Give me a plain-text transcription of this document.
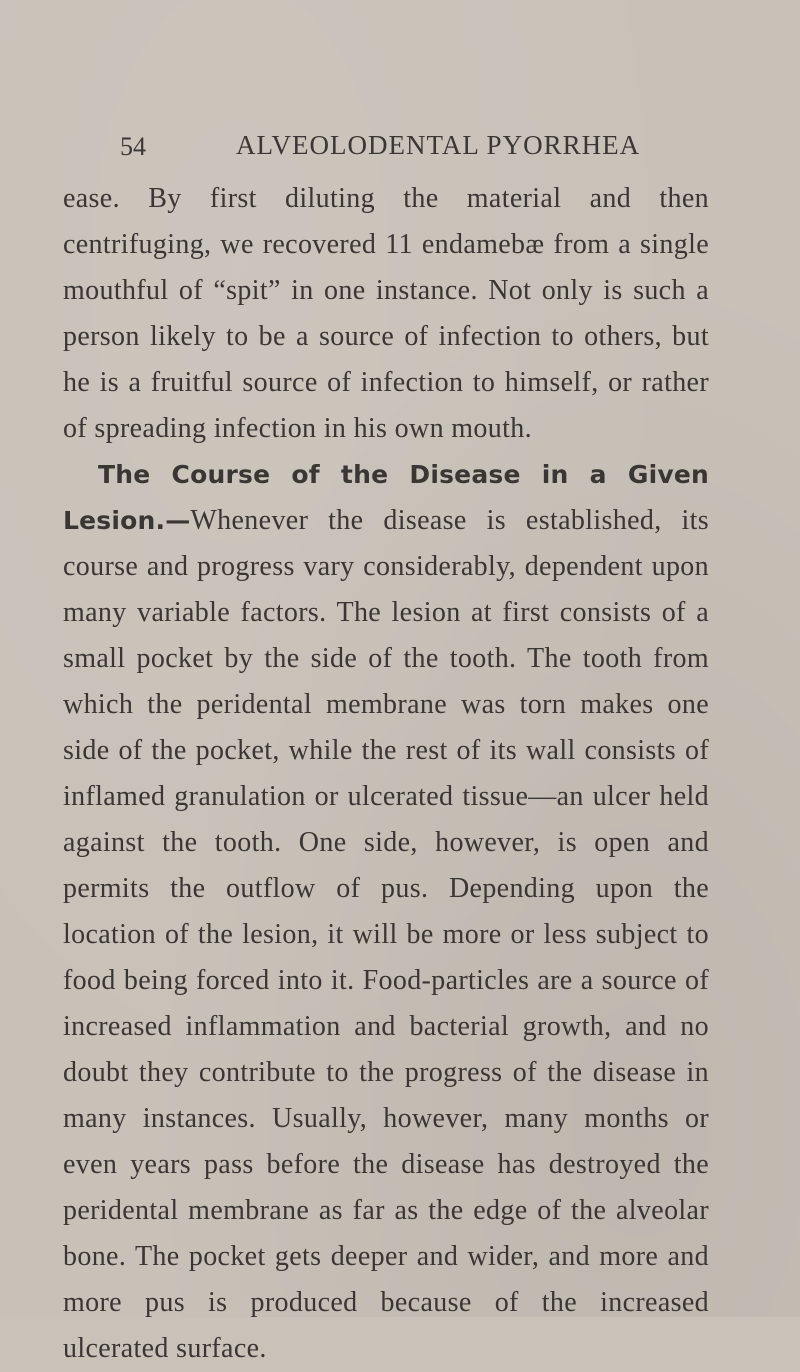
54	ALVEOLODENTAL PYORRHEA

ease. By first diluting the material and then centrifuging, we recovered 11 endamebæ from a single mouthful of “spit” in one instance. Not only is such a person likely to be a source of infection to others, but he is a fruitful source of infection to himself, or rather of spreading infection in his own mouth.

The Course of the Disease in a Given Lesion.—Whenever the disease is established, its course and progress vary considerably, dependent upon many variable factors. The lesion at first consists of a small pocket by the side of the tooth. The tooth from which the peridental membrane was torn makes one side of the pocket, while the rest of its wall consists of inflamed granulation or ulcerated tissue—an ulcer held against the tooth. One side, however, is open and permits the outflow of pus. Depending upon the location of the lesion, it will be more or less subject to food being forced into it. Food-particles are a source of increased inflammation and bacterial growth, and no doubt they contribute to the progress of the disease in many instances. Usually, however, many months or even years pass before the disease has destroyed the peridental membrane as far as the edge of the alveolar bone. The pocket gets deeper and wider, and more and more pus is produced because of the increased ulcerated surface.
